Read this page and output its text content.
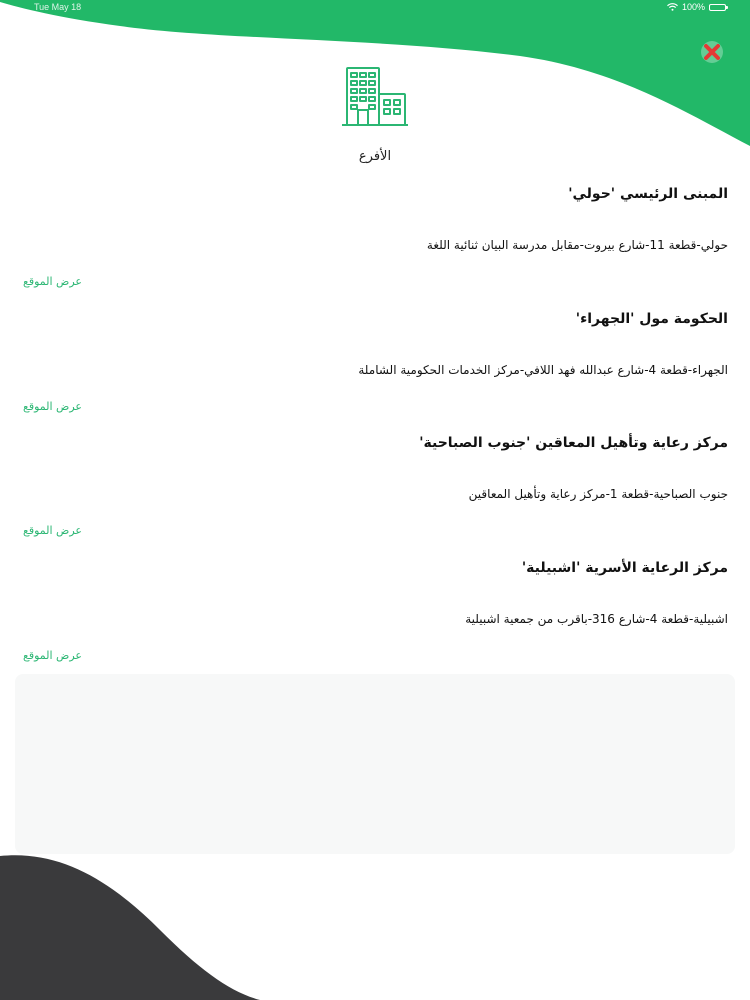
Tue May 18	100%
الأفرع
المبنى الرئيسي 'حولي'
حولي-قطعة 11-شارع بيروت-مقابل مدرسة البيان ثنائية اللغة
عرض الموقع
الحكومة مول 'الجهراء'
الجهراء-قطعة 4-شارع عبدالله فهد اللافي-مركز الخدمات الحكومية الشاملة
عرض الموقع
مركز رعاية وتأهيل المعاقين 'جنوب الصباحية'
جنوب الصباحية-قطعة 1-مركز رعاية وتأهيل المعاقين
عرض الموقع
مركز الرعاية الأسرية 'اشبيلية'
اشبيلية-قطعة 4-شارع 316-باقرب من جمعية اشبيلية
عرض الموقع
